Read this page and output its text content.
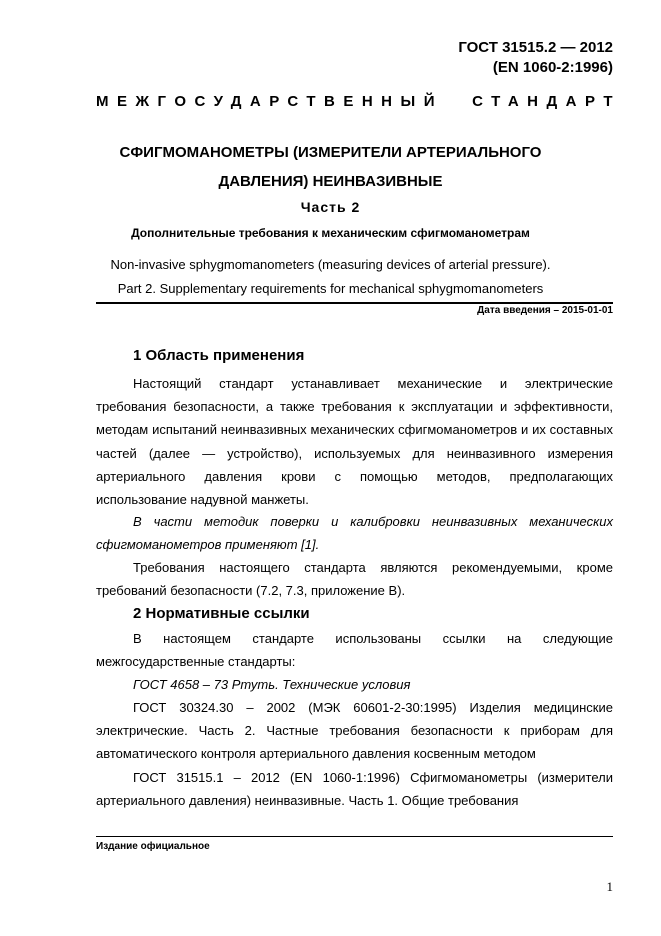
ГОСТ 31515.2 — 2012
(EN 1060-2:1996)
МЕЖГОСУДАРСТВЕННЫЙ СТАНДАРТ
СФИГМОМАНОМЕТРЫ (ИЗМЕРИТЕЛИ АРТЕРИАЛЬНОГО
ДАВЛЕНИЯ) НЕИНВАЗИВНЫЕ
Часть 2
Дополнительные требования к механическим сфигмоманометрам
Non-invasive sphygmomanometers (measuring devices of arterial pressure).
Part 2. Supplementary requirements for mechanical sphygmomanometers
Дата введения – 2015-01-01
1 Область применения
Настоящий стандарт устанавливает механические и электрические требования безопасности, а также требования к эксплуатации и эффективности, методам испытаний неинвазивных механических сфигмоманометров и их составных частей (далее — устройство), используемых для неинвазивного измерения артериального давления крови с помощью методов, предполагающих использование надувной манжеты.
В части методик поверки и калибровки неинвазивных механических сфигмоманометров применяют [1].
Требования настоящего стандарта являются рекомендуемыми, кроме требований безопасности (7.2, 7.3, приложение В).
2 Нормативные ссылки
В настоящем стандарте использованы ссылки на следующие межгосударственные стандарты:
ГОСТ 4658 – 73 Ртуть. Технические условия
ГОСТ 30324.30 – 2002 (МЭК 60601-2-30:1995) Изделия медицинские электрические. Часть 2. Частные требования безопасности к приборам для автоматического контроля артериального давления косвенным методом
ГОСТ 31515.1 – 2012 (EN 1060-1:1996) Сфигмоманометры (измерители артериального давления) неинвазивные. Часть 1. Общие требования
Издание официальное
1
